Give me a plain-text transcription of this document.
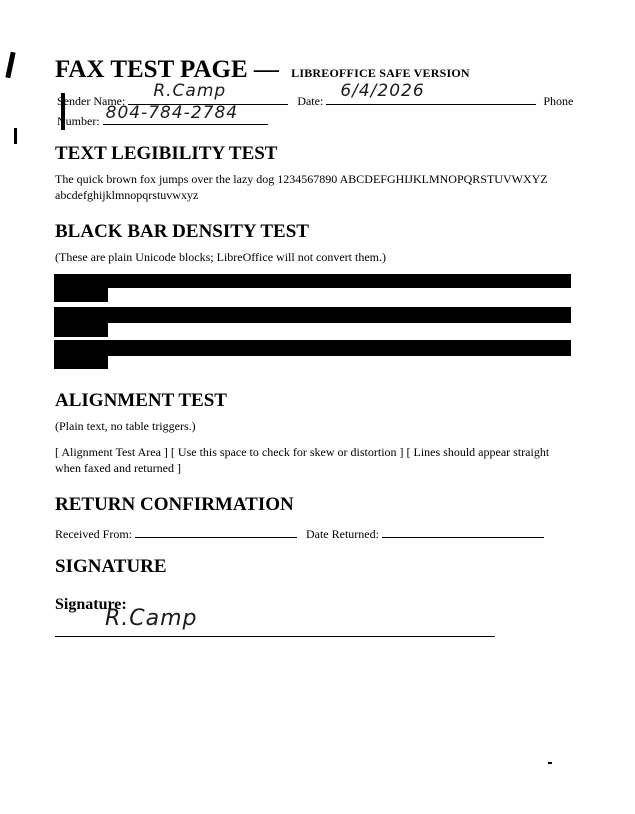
FAX TEST PAGE — LIBREOFFICE SAFE VERSION
Sender Name: R.Camp	Date: 6/4/2026	Phone
Number: 804-784-2784
TEXT LEGIBILITY TEST
The quick brown fox jumps over the lazy dog 1234567890 ABCDEFGHIJKLMNOPQRSTUVWXYZ abcdefghijklmnopqrstuvwxyz
BLACK BAR DENSITY TEST
(These are plain Unicode blocks; LibreOffice will not convert them.)
ALIGNMENT TEST
(Plain text, no table triggers.)
[ Alignment Test Area ] [ Use this space to check for skew or distortion ] [ Lines should appear straight when faxed and returned ]
RETURN CONFIRMATION
Received From:	Date Returned:
SIGNATURE
Signature:
R.Camp
